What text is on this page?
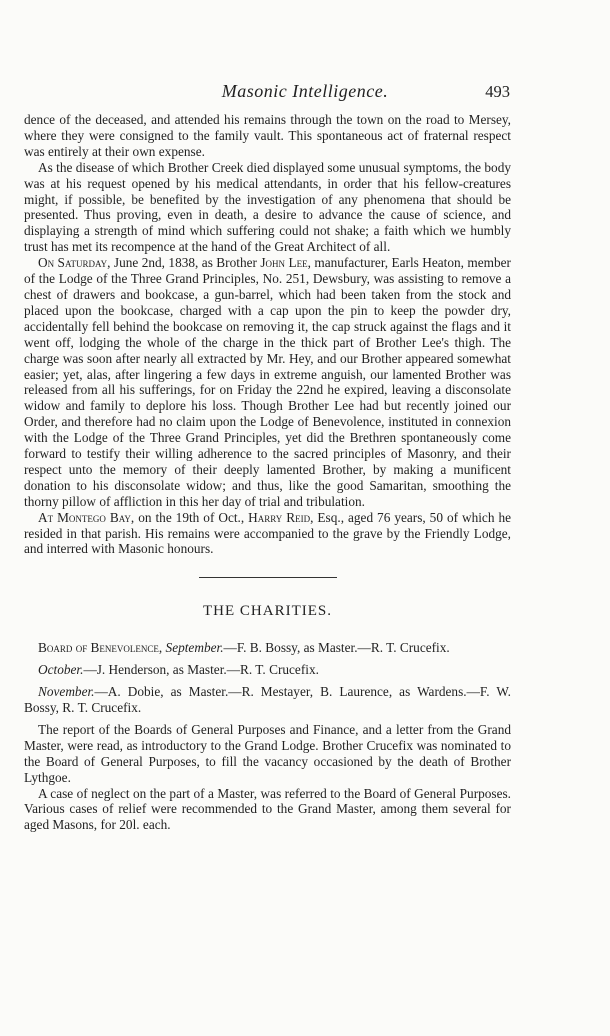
Masonic Intelligence.	493

dence of the deceased, and attended his remains through the town on the road to Mersey, where they were consigned to the family vault. This spontaneous act of fraternal respect was entirely at their own expense.

As the disease of which Brother Creek died displayed some unusual symptoms, the body was at his request opened by his medical attendants, in order that his fellow-creatures might, if possible, be benefited by the investigation of any phenomena that should be presented. Thus proving, even in death, a desire to advance the cause of science, and displaying a strength of mind which suffering could not shake; a faith which we humbly trust has met its recompence at the hand of the Great Architect of all.

On Saturday, June 2nd, 1838, as Brother John Lee, manufacturer, Earls Heaton, member of the Lodge of the Three Grand Principles, No. 251, Dewsbury, was assisting to remove a chest of drawers and bookcase, a gun-barrel, which had been taken from the stock and placed upon the bookcase, charged with a cap upon the pin to keep the powder dry, accidentally fell behind the bookcase on removing it, the cap struck against the flags and it went off, lodging the whole of the charge in the thick part of Brother Lee's thigh. The charge was soon after nearly all extracted by Mr. Hey, and our Brother appeared somewhat easier; yet, alas, after lingering a few days in extreme anguish, our lamented Brother was released from all his sufferings, for on Friday the 22nd he expired, leaving a disconsolate widow and family to deplore his loss. Though Brother Lee had but recently joined our Order, and therefore had no claim upon the Lodge of Benevolence, instituted in connexion with the Lodge of the Three Grand Principles, yet did the Brethren spontaneously come forward to testify their willing adherence to the sacred principles of Masonry, and their respect unto the memory of their deeply lamented Brother, by making a munificent donation to his disconsolate widow; and thus, like the good Samaritan, smoothing the thorny pillow of affliction in this her day of trial and tribulation.

At Montego Bay, on the 19th of Oct., Harry Reid, Esq., aged 76 years, 50 of which he resided in that parish. His remains were accompanied to the grave by the Friendly Lodge, and interred with Masonic honours.

THE CHARITIES.

Board of Benevolence, September.—F. B. Bossy, as Master.—R. T. Crucefix.

October.—J. Henderson, as Master.—R. T. Crucefix.

November.—A. Dobie, as Master.—R. Mestayer, B. Laurence, as Wardens.—F. W. Bossy, R. T. Crucefix.

The report of the Boards of General Purposes and Finance, and a letter from the Grand Master, were read, as introductory to the Grand Lodge. Brother Crucefix was nominated to the Board of General Purposes, to fill the vacancy occasioned by the death of Brother Lythgoe.

A case of neglect on the part of a Master, was referred to the Board of General Purposes. Various cases of relief were recommended to the Grand Master, among them several for aged Masons, for 20l. each.
